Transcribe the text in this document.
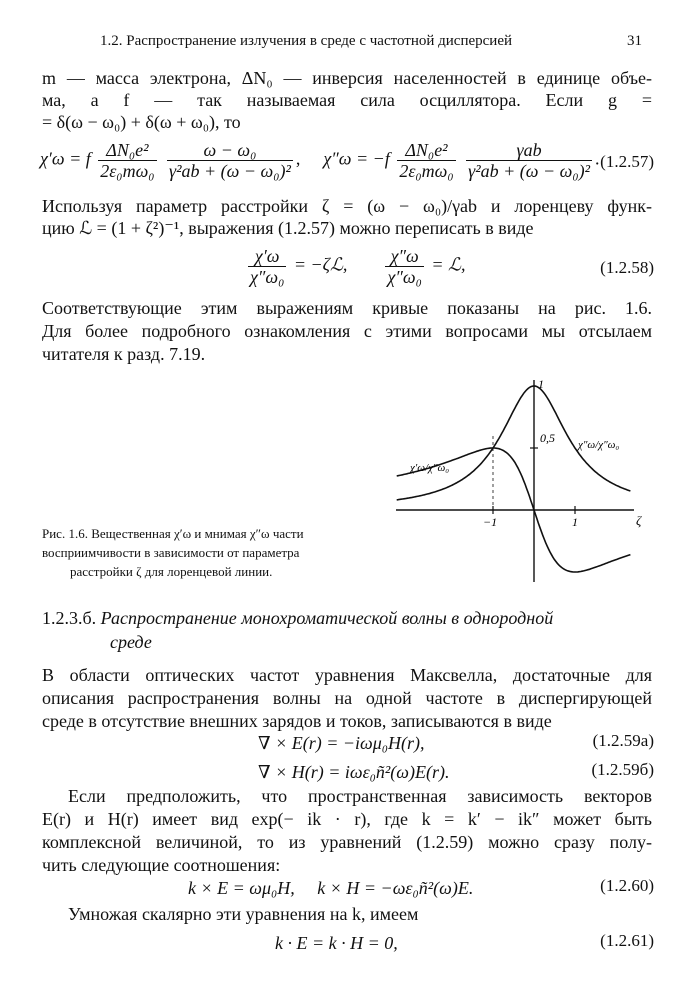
1.2. Распространение излучения в среде с частотной дисперсией	31
m — масса электрона, ΔN₀ — инверсия населенностей в единице объе-
ма, а f — так называемая сила осциллятора. Если g =
= δ(ω − ω₀) + δ(ω + ω₀), то
χ′ω = f $\frac{\text{ΔN₀e²}}{\text{2ε₀mω₀}}$
$\frac{\text{ω − ω₀}}{\text{γ²ab + (ω − ω₀)²}}$ , $\chi''\omega = -f \frac{\text{ΔN₀e²}}{\text{2ε₀mω₀}}$
$\frac{\text{γab}}{\text{γ²ab + (ω − ω₀)²}}$ . (1.2.57)
Используя параметр расстройки ζ = (ω − ω₀)/γab и лоренцеву функ-
цию ℒ = (1 + ζ²)⁻¹, выражения (1.2.57) можно переписать в виде
$\frac{\chi'\omega}{\text{χ″ω₀}}$ = −ζℒ, $\frac{\chi''\omega}{\text{χ″ω₀}}$ = ℒ,	(1.2.58)
Соответствующие этим выражениям кривые показаны на рис. 1.6.
Для более подробного ознакомления с этими вопросами мы отсылаем
читателя к разд. 7.19.
Рис. 1.6. Вещественная χ′ω и мнимая χ″ω части
восприимчивости в зависимости от параметра
расстройки ζ для лоренцевой линии.
1
0,5
−1	1	ζ
χ″ω/χ″ω₀
χ′ω/χ″ω₀
1.2.3.б. Распространение монохроматической волны в однородной
среде
В области оптических частот уравнения Максвелла, достаточные для
описания распространения волны на одной частоте в диспергирующей
среде в отсутствие внешних зарядов и токов, записываются в виде
∇ × E(r) = −iωμ₀H(r),	(1.2.59а)
∇ × H(r) = iωε₀ñ²(ω)E(r).	(1.2.59б)
Если предположить, что пространственная зависимость векторов
E(r) и H(r) имеет вид exp(− ik · r), где k = k′ − ik″ может быть
комплексной величиной, то из уравнений (1.2.59) можно сразу полу-
чить следующие соотношения:
k × E = ωμ₀H,     k × H = −ωε₀ñ²(ω)E.	(1.2.60)
Умножая скалярно эти уравнения на k, имеем
k · E = k · H = 0,	(1.2.61)
